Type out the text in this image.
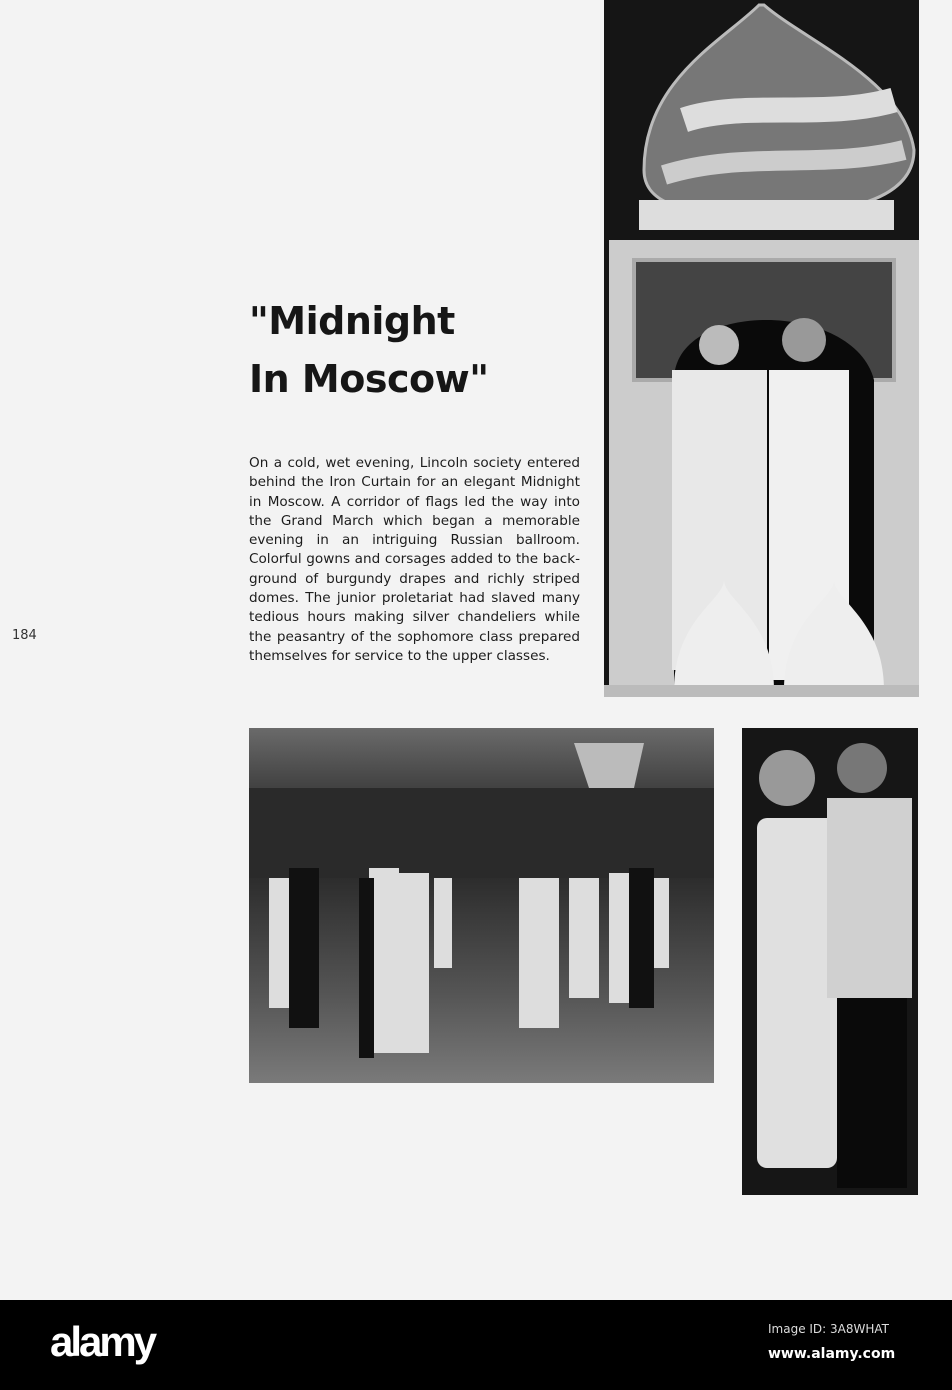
"Midnight
In Moscow"
On a cold, wet evening, Lincoln society entered behind the Iron Curtain for an elegant Midnight in Moscow. A corridor of flags led the way into the Grand March which began a memorable evening in an intriguing Russian ballroom. Colorful gowns and corsages added to the back-ground of burgundy drapes and richly striped domes. The junior proletariat had slaved many tedious hours making silver chandeliers while the peasantry of the sophomore class prepared themselves for service to the upper classes.
184
alamy	Image ID: 3A8WHAT
www.alamy.com
